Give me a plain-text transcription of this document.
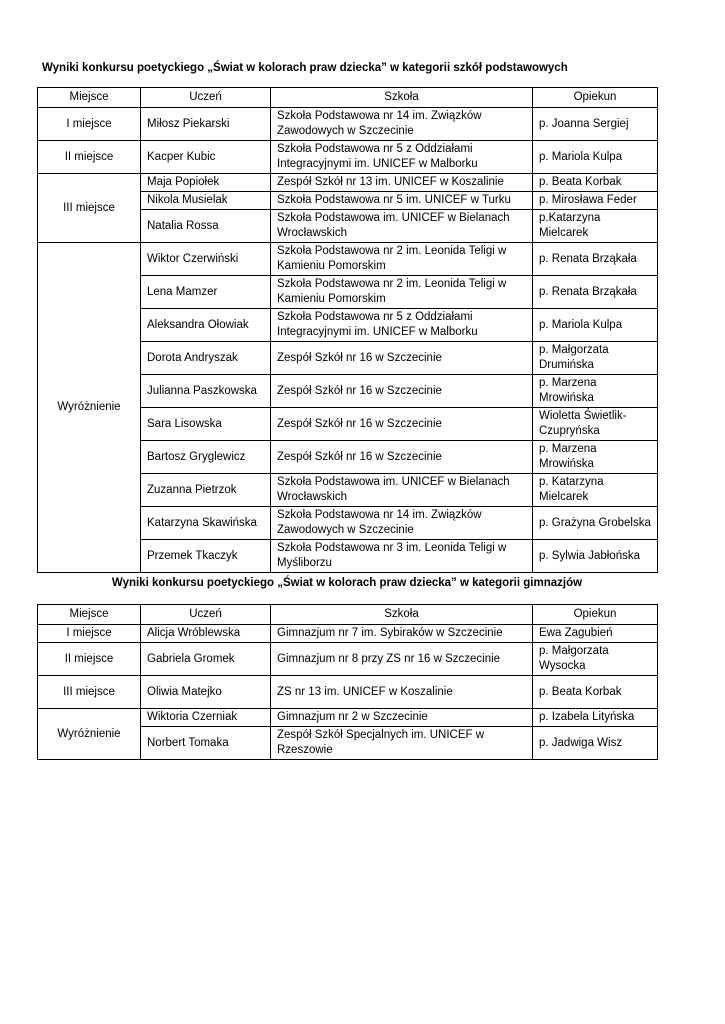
Wyniki konkursu poetyckiego „Świat w kolorach praw dziecka” w kategorii szkół podstawowych
Miejsce	Uczeń	Szkoła	Opiekun
I miejsce	Miłosz Piekarski	Szkoła Podstawowa nr 14 im. Związków Zawodowych w Szczecinie	p. Joanna Sergiej
II miejsce	Kacper Kubic	Szkoła Podstawowa nr 5 z Oddziałami Integracyjnymi im. UNICEF w Malborku	p. Mariola Kulpa
III miejsce	Maja Popiołek	Zespół Szkół nr 13 im. UNICEF w Koszalinie	p. Beata Korbak
	Nikola Musielak	Szkoła Podstawowa nr 5 im. UNICEF w Turku	p. Mirosława Feder
	Natalia Rossa	Szkoła Podstawowa im. UNICEF w Bielanach Wrocławskich	p.Katarzyna Mielcarek
Wyróżnienie	Wiktor Czerwiński	Szkoła Podstawowa nr 2 im. Leonida Teligi w Kamieniu Pomorskim	p. Renata Brząkała
	Lena Mamzer	Szkoła Podstawowa nr 2 im. Leonida Teligi w Kamieniu Pomorskim	p. Renata Brząkała
	Aleksandra Ołowiak	Szkoła Podstawowa nr 5 z Oddziałami Integracyjnymi im. UNICEF w Malborku	p. Mariola Kulpa
	Dorota Andryszak	Zespół Szkół nr 16 w Szczecinie	p. Małgorzata Drumińska
	Julianna Paszkowska	Zespół Szkół nr 16 w Szczecinie	p. Marzena Mrowińska
	Sara Lisowska	Zespół Szkół nr 16 w Szczecinie	Wioletta Świetlik-Czupryńska
	Bartosz Gryglewicz	Zespół Szkół nr 16 w Szczecinie	p. Marzena Mrowińska
	Zuzanna Pietrzok	Szkoła Podstawowa im. UNICEF w Bielanach Wrocławskich	p. Katarzyna Mielcarek
	Katarzyna Skawińska	Szkoła Podstawowa nr 14 im. Związków Zawodowych w Szczecinie	p. Grażyna Grobelska
	Przemek Tkaczyk	Szkoła Podstawowa nr 3 im. Leonida Teligi w Myśliborzu	p. Sylwia Jabłońska
Wyniki konkursu poetyckiego „Świat w kolorach praw dziecka” w kategorii gimnazjów
Miejsce	Uczeń	Szkoła	Opiekun
I miejsce	Alicja Wróblewska	Gimnazjum nr 7 im. Sybiraków w Szczecinie	Ewa Zagubień
II miejsce	Gabriela Gromek	Gimnazjum nr 8 przy ZS nr 16 w Szczecinie	p. Małgorzata Wysocka
III miejsce	Oliwia Matejko	ZS nr 13 im. UNICEF w Koszalinie	p. Beata Korbak
Wyróżnienie	Wiktoria Czerniak	Gimnazjum nr 2 w Szczecinie	p. Izabela Lityńska
	Norbert Tomaka	Zespół Szkół Specjalnych im. UNICEF w Rzeszowie	p. Jadwiga Wisz
